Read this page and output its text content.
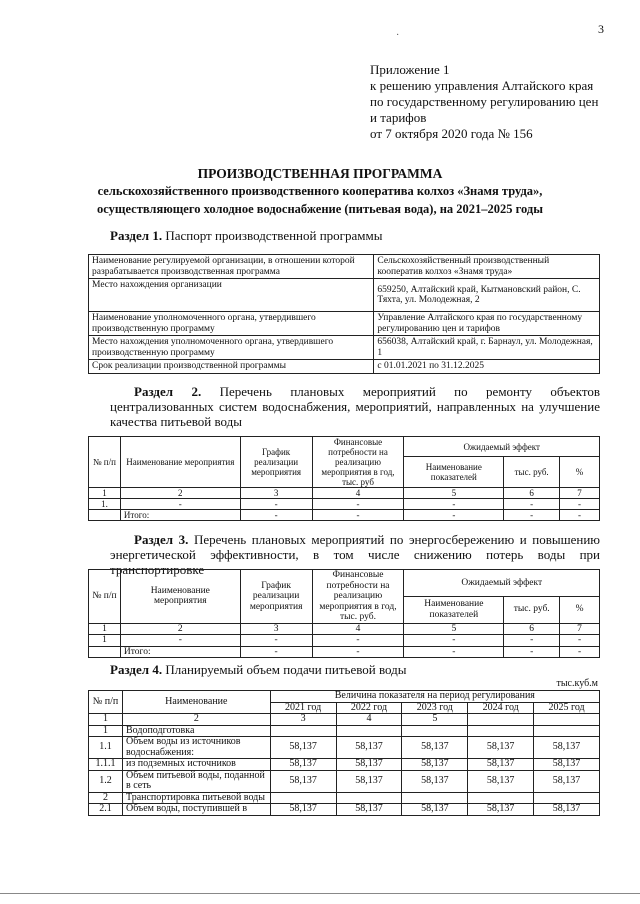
3
·
Приложение 1
к решению управления Алтайского края
по государственному регулированию цен
и тарифов
от 7 октября 2020 года № 156
ПРОИЗВОДСТВЕННАЯ ПРОГРАММА
сельскохозяйственного производственного кооператива колхоз «Знамя труда»,
осуществляющего холодное водоснабжение (питьевая вода), на 2021–2025 годы
Раздел 1. Паспорт производственной программы
Наименование регулируемой организации, в отношении которой разрабатывается производственная программа	Сельскохозяйственный производственный кооператив колхоз «Знамя труда»
Место нахождения организации	659250, Алтайский край, Кытмановский район, С. Тяхта, ул. Молодежная, 2
Наименование уполномоченного органа, утвердившего производственную программу	Управление Алтайского края по государственному регулированию цен и тарифов
Место нахождения уполномоченного органа, утвердившего производственную программу	656038, Алтайский край, г. Барнаул, ул. Молодежная, 1
Срок реализации производственной программы	с 01.01.2021 по 31.12.2025
Раздел 2. Перечень плановых мероприятий по ремонту объектов централизованных систем водоснабжения, мероприятий, направленных на улучшение качества питьевой воды
№ п/п	Наименование мероприятия	График реализации мероприятия	Финансовые потребности на реализацию мероприятия в год, тыс. руб	Ожидаемый эффект		
				Наименование показателей	тыс. руб.	%
1	2	3	4	5	6	7
1.	-	-	-	-	-	-
	Итого:	-	-	-	-	-
Раздел 3. Перечень плановых мероприятий по энергосбережению и повышению энергетической эффективности, в том числе снижению потерь воды при транспортировке
№ п/п	Наименование мероприятия	График реализации мероприятия	Финансовые потребности на реализацию мероприятия в год, тыс. руб.	Ожидаемый эффект		
				Наименование показателей	тыс. руб.	%
1	2	3	4	5	6	7
1	-	-	-	-	-	-
	Итого:	-	-	-	-	-
Раздел 4. Планируемый объем подачи питьевой воды
тыс.куб.м
№ п/п	Наименование	Величина показателя на период регулирования				
		2021 год	2022 год	2023 год	2024 год	2025 год
1	2	3	4	5		
1	Водоподготовка					
1.1	Объем воды из источников водоснабжения:	58,137	58,137	58,137	58,137	58,137
1.1.1	из подземных источников	58,137	58,137	58,137	58,137	58,137
1.2	Объем питьевой воды, поданной в сеть	58,137	58,137	58,137	58,137	58,137
2	Транспортировка питьевой воды					
2.1	Объем воды, поступившей в	58,137	58,137	58,137	58,137	58,137
